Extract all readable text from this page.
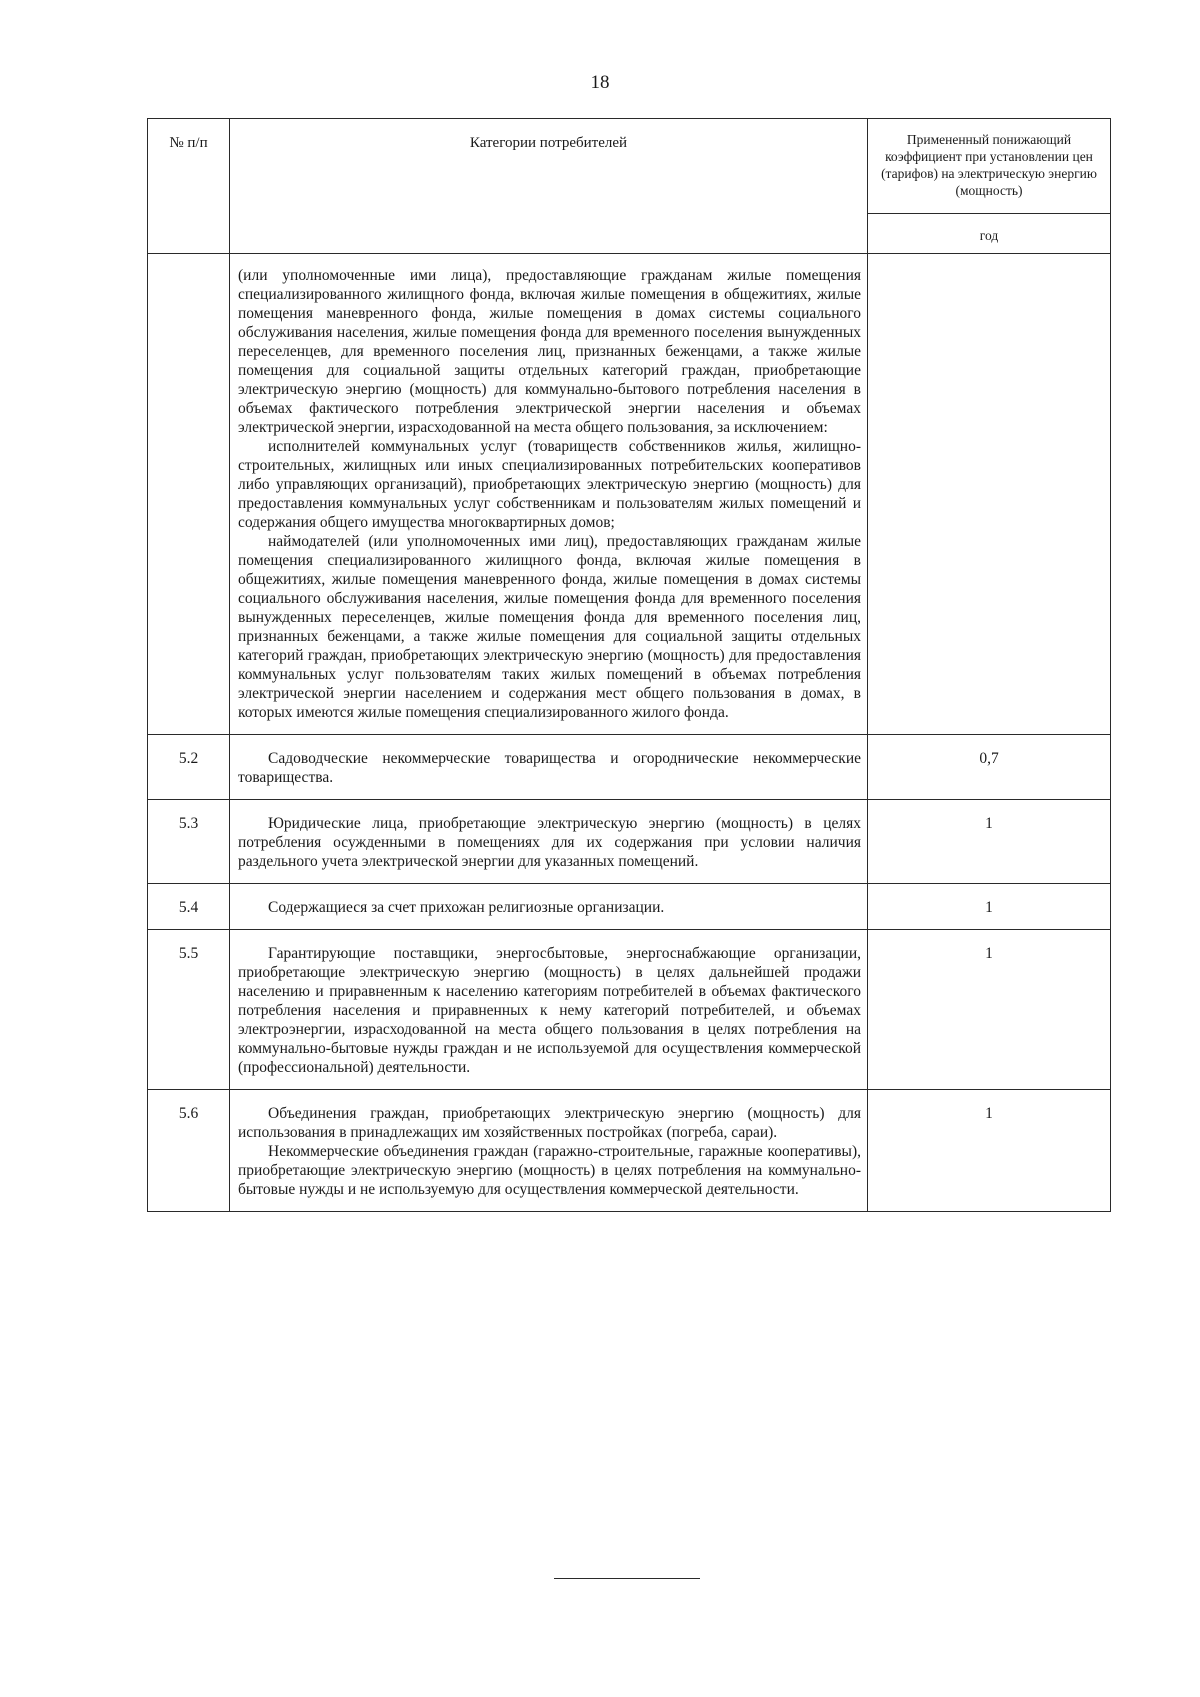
18
№ п/п	Категории потребителей	Примененный понижающий коэффициент при установлении цен (тарифов) на электрическую энергию (мощность)
		год

	(или уполномоченные ими лица), предоставляющие гражданам жилые помещения специализированного жилищного фонда, включая жилые помещения в общежитиях, жилые помещения маневренного фонда, жилые помещения в домах системы социального обслуживания населения, жилые помещения фонда для временного поселения вынужденных переселенцев, для временного поселения лиц, признанных беженцами, а также жилые помещения для социальной защиты отдельных категорий граждан, приобретающие электрическую энергию (мощность) для коммунально-бытового потребления населения в объемах фактического потребления электрической энергии населения и объемах электрической энергии, израсходованной на места общего пользования, за исключением:

исполнителей коммунальных услуг (товариществ собственников жилья, жилищно-строительных, жилищных или иных специализированных потребительских кооперативов либо управляющих организаций), приобретающих электрическую энергию (мощность) для предоставления коммунальных услуг собственникам и пользователям жилых помещений и содержания общего имущества многоквартирных домов;

наймодателей (или уполномоченных ими лиц), предоставляющих гражданам жилые помещения специализированного жилищного фонда, включая жилые помещения в общежитиях, жилые помещения маневренного фонда, жилые помещения в домах системы социального обслуживания населения, жилые помещения фонда для временного поселения вынужденных переселенцев, жилые помещения фонда для временного поселения лиц, признанных беженцами, а также жилые помещения для социальной защиты отдельных категорий граждан, приобретающих электрическую энергию (мощность) для предоставления коммунальных услуг пользователям таких жилых помещений в объемах потребления электрической энергии населением и содержания мест общего пользования в домах, в которых имеются жилые помещения специализированного жилого фонда.	

5.2	Садоводческие некоммерческие товарищества и огороднические некоммерческие товарищества.	0,7
5.3	Юридические лица, приобретающие электрическую энергию (мощность) в целях потребления осужденными в помещениях для их содержания при условии наличия раздельного учета электрической энергии для указанных помещений.	1
5.4	Содержащиеся за счет прихожан религиозные организации.	1
5.5	Гарантирующие поставщики, энергосбытовые, энергоснабжающие организации, приобретающие электрическую энергию (мощность) в целях дальнейшей продажи населению и приравненным к населению категориям потребителей в объемах фактического потребления населения и приравненных к нему категорий потребителей, и объемах электроэнергии, израсходованной на места общего пользования в целях потребления на коммунально-бытовые нужды граждан и не используемой для осуществления коммерческой (профессиональной) деятельности.	1
5.6	Объединения граждан, приобретающих электрическую энергию (мощность) для использования в принадлежащих им хозяйственных постройках (погреба, сараи).

Некоммерческие объединения граждан (гаражно-строительные, гаражные кооперативы), приобретающие электрическую энергию (мощность) в целях потребления на коммунально-бытовые нужды и не используемую для осуществления коммерческой деятельности.	1
